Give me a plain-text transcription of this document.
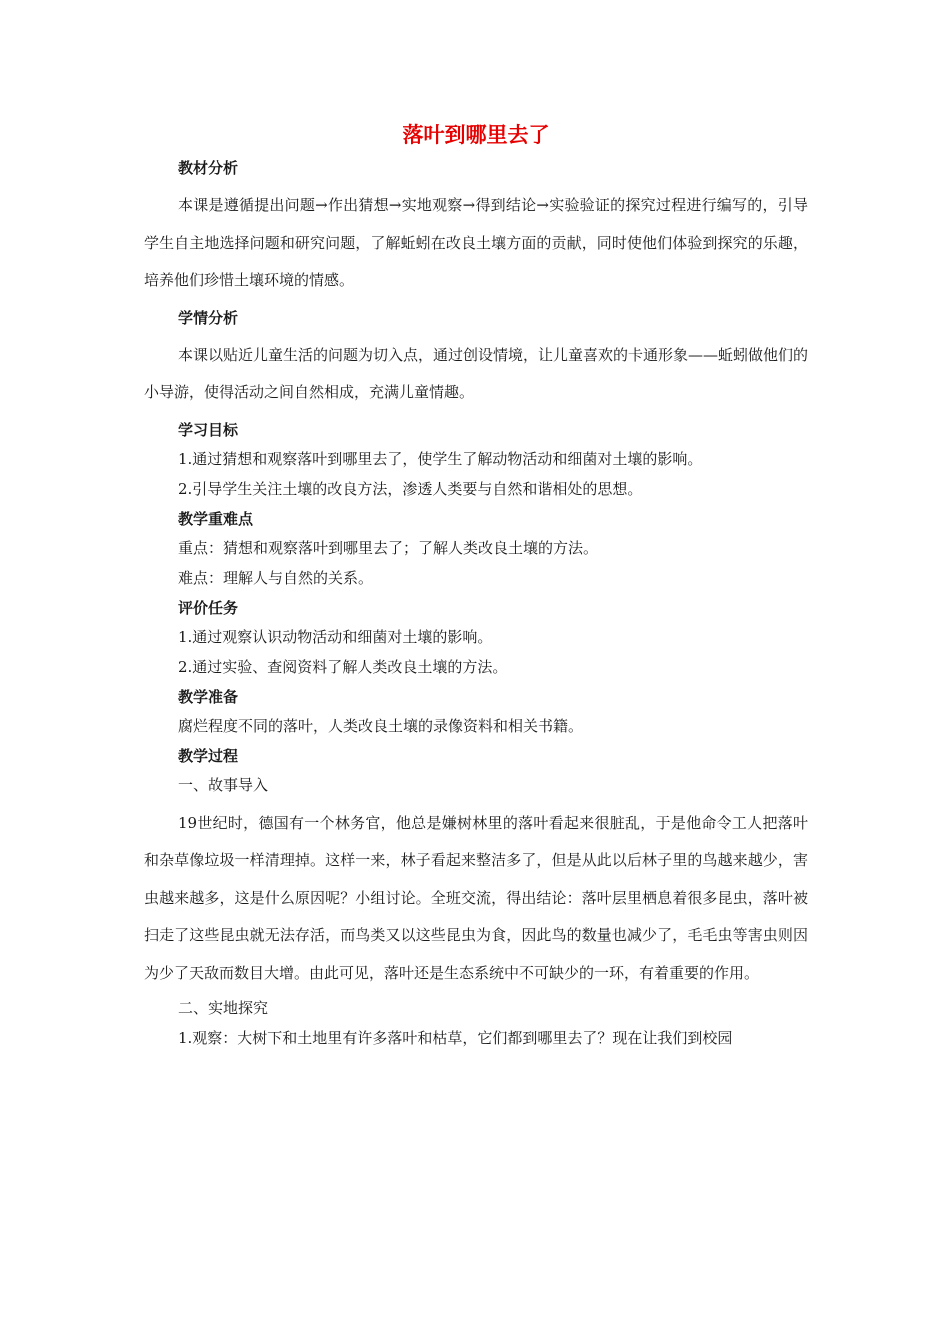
落叶到哪里去了
教材分析

本课是遵循提出问题→作出猜想→实地观察→得到结论→实验验证的探究过程进行编写的，引导学生自主地选择问题和研究问题，了解蚯蚓在改良土壤方面的贡献，同时使他们体验到探究的乐趣，培养他们珍惜土壤环境的情感。

学情分析

本课以贴近儿童生活的问题为切入点，通过创设情境，让儿童喜欢的卡通形象——蚯蚓做他们的小导游，使得活动之间自然相成，充满儿童情趣。

学习目标
1.通过猜想和观察落叶到哪里去了，使学生了解动物活动和细菌对土壤的影响。
2.引导学生关注土壤的改良方法，渗透人类要与自然和谐相处的思想。
教学重难点
重点：猜想和观察落叶到哪里去了；了解人类改良土壤的方法。
难点：理解人与自然的关系。
评价任务
1.通过观察认识动物活动和细菌对土壤的影响。
2.通过实验、查阅资料了解人类改良土壤的方法。
教学准备
腐烂程度不同的落叶，人类改良土壤的录像资料和相关书籍。
教学过程
一、故事导入

19世纪时，德国有一个林务官，他总是嫌树林里的落叶看起来很脏乱，于是他命令工人把落叶和杂草像垃圾一样清理掉。这样一来，林子看起来整洁多了，但是从此以后林子里的鸟越来越少，害虫越来越多，这是什么原因呢？小组讨论。全班交流，得出结论：落叶层里栖息着很多昆虫，落叶被扫走了这些昆虫就无法存活，而鸟类又以这些昆虫为食，因此鸟的数量也减少了，毛毛虫等害虫则因为少了天敌而数目大增。由此可见，落叶还是生态系统中不可缺少的一环，有着重要的作用。

二、实地探究
1.观察：大树下和土地里有许多落叶和枯草，它们都到哪里去了？现在让我们到校园
